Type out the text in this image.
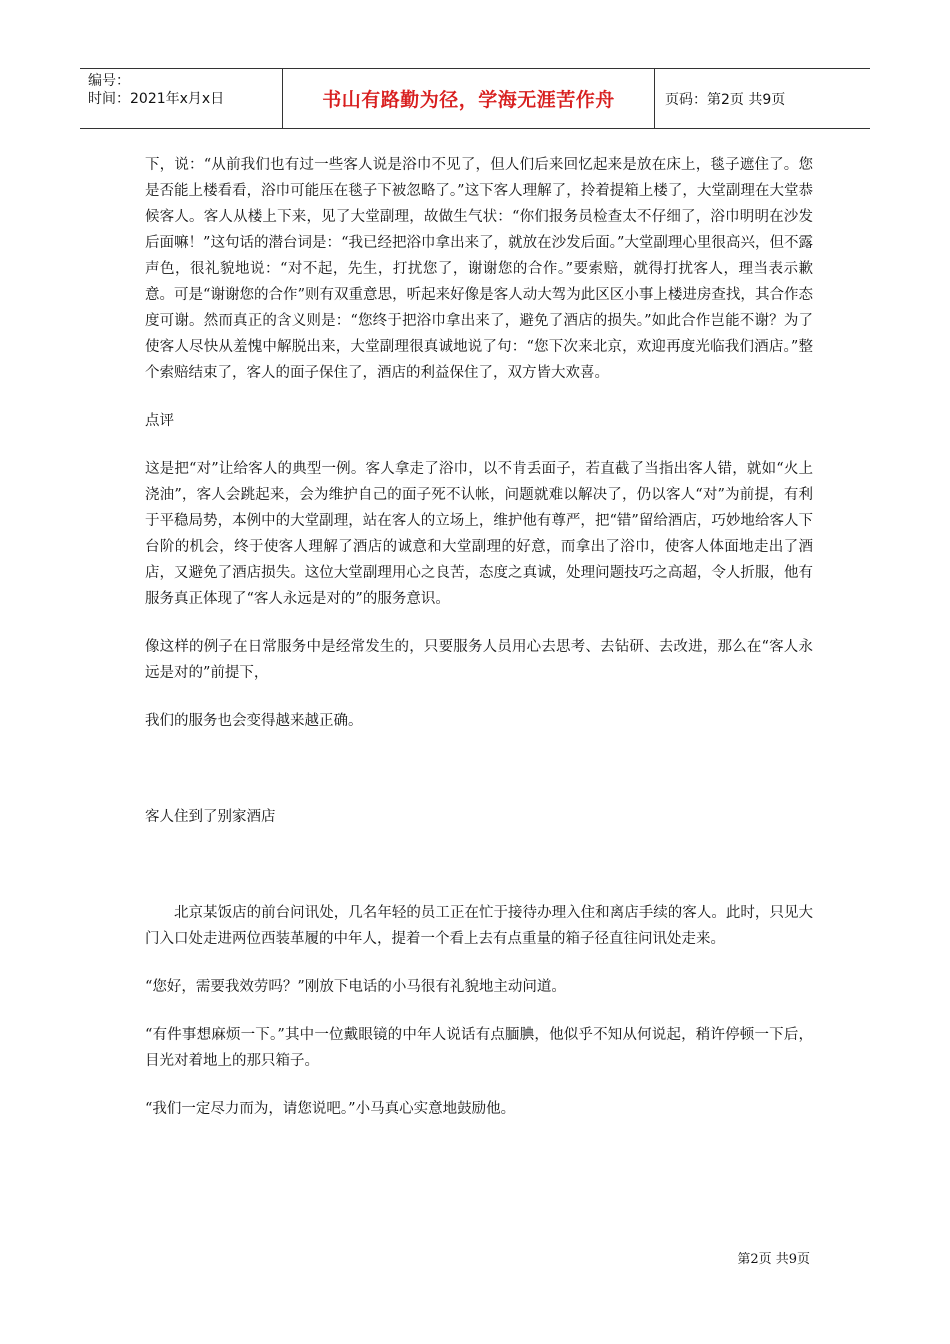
编号：
时间：2021年x月x日	书山有路勤为径，学海无涯苦作舟	页码：第2页 共9页

下，说：“从前我们也有过一些客人说是浴巾不见了，但人们后来回忆起来是放在床上，毯子遮住了。您　是否能上楼看看，浴巾可能压在毯子下被忽略了。”这下客人理解了，拎着提箱上楼了，大堂副理在大堂恭候客人。客人从楼上下来，见了大堂副理，故做生气状：“你们报务员检查太不仔细了，浴巾明明在沙发后面嘛！”这句话的潜台词是：“我已经把浴巾拿出来了，就放在沙发后面。”大堂副理心里很高兴，但不露声色，很礼貌地说：“对不起，先生，打扰您了，谢谢您的合作。”要索赔，就得打扰客人，理当表示歉意。可是“谢谢您的合作”则有双重意思，听起来好像是客人动大驾为此区区小事上楼进房查找，其合作态度可谢。然而真正的含义则是：“您终于把浴巾拿出来了，避免了酒店的损失。”如此合作岂能不谢？为了使客人尽快从羞愧中解脱出来，大堂副理很真诚地说了句：“您下次来北京，欢迎再度光临我们酒店。”整个索赔结束了，客人的面子保住了，酒店的利益保住了，双方皆大欢喜。

点评

这是把“对”让给客人的典型一例。客人拿走了浴巾，以不肯丢面子，若直截了当指出客人错，就如“火上浇油”，客人会跳起来，会为维护自己的面子死不认帐，问题就难以解决了，仍以客人“对”为前提，有利于平稳局势，本例中的大堂副理，站在客人的立场上，维护他有尊严，把“错”留给酒店，巧妙地给客人下台阶的机会，终于使客人理解了酒店的诚意和大堂副理的好意，而拿出了浴巾，使客人体面地走出了酒店，又避免了酒店损失。这位大堂副理用心之良苦，态度之真诚，处理问题技巧之高超，令人折服，他有服务真正体现了“客人永远是对的”的服务意识。

像这样的例子在日常服务中是经常发生的，只要服务人员用心去思考、去钻研、去改进，那么在“客人永远是对的”前提下，

我们的服务也会变得越来越正确。

客人住到了别家酒店

北京某饭店的前台问讯处，几名年轻的员工正在忙于接待办理入住和离店手续的客人。此时，只见大门入口处走进两位西装革履的中年人，提着一个看上去有点重量的箱子径直往问讯处走来。

“您好，需要我效劳吗？”刚放下电话的小马很有礼貌地主动问道。

“有件事想麻烦一下。”其中一位戴眼镜的中年人说话有点腼腆，他似乎不知从何说起，稍许停顿一下后，目光对着地上的那只箱子。

“我们一定尽力而为，请您说吧。”小马真心实意地鼓励他。

第2页 共9页
